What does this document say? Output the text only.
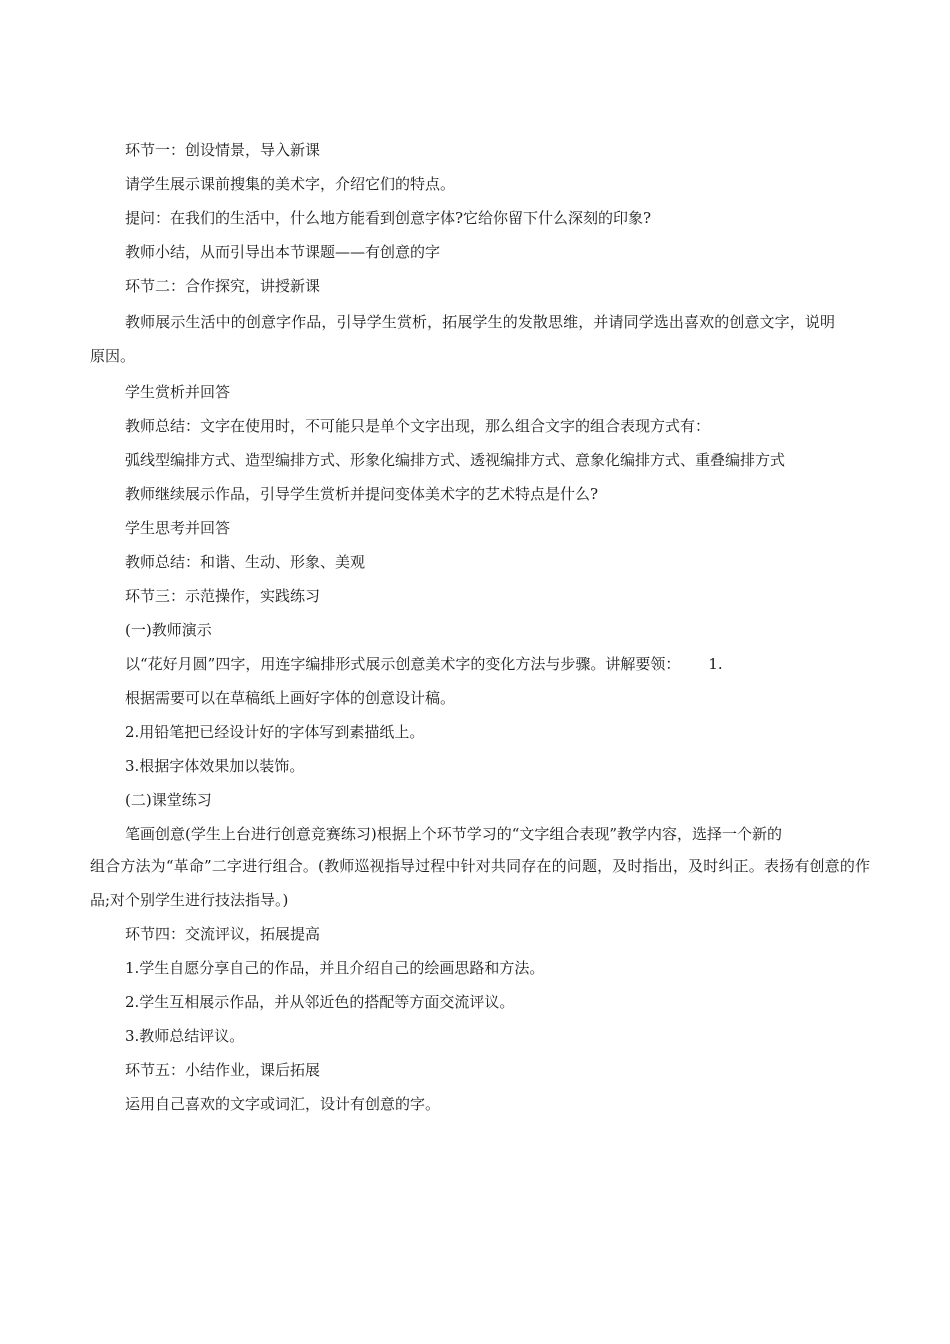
环节一：创设情景，导入新课

请学生展示课前搜集的美术字，介绍它们的特点。

提问：在我们的生活中，什么地方能看到创意字体?它给你留下什么深刻的印象?

教师小结，从而引导出本节课题——有创意的字

环节二：合作探究，讲授新课

教师展示生活中的创意字作品，引导学生赏析，拓展学生的发散思维，并请同学选出喜欢的创意文字，说明原因。

学生赏析并回答

教师总结：文字在使用时，不可能只是单个文字出现，那么组合文字的组合表现方式有：

弧线型编排方式、造型编排方式、形象化编排方式、透视编排方式、意象化编排方式、重叠编排方式

教师继续展示作品，引导学生赏析并提问变体美术字的艺术特点是什么?

学生思考并回答

教师总结：和谐、生动、形象、美观

环节三：示范操作，实践练习

(一)教师演示

以“花好月圆”四字，用连字编排形式展示创意美术字的变化方法与步骤。讲解要领： 1.

根据需要可以在草稿纸上画好字体的创意设计稿。

2.用铅笔把已经设计好的字体写到素描纸上。

3.根据字体效果加以装饰。

(二)课堂练习

笔画创意(学生上台进行创意竞赛练习)根据上个环节学习的“文字组合表现”教学内容，选择一个新的

组合方法为“革命”二字进行组合。(教师巡视指导过程中针对共同存在的问题，及时指出，及时纠正。表扬有创意的作品;对个别学生进行技法指导。)

环节四：交流评议，拓展提高

1.学生自愿分享自己的作品，并且介绍自己的绘画思路和方法。

2.学生互相展示作品，并从邻近色的搭配等方面交流评议。

3.教师总结评议。

环节五：小结作业，课后拓展

运用自己喜欢的文字或词汇，设计有创意的字。
